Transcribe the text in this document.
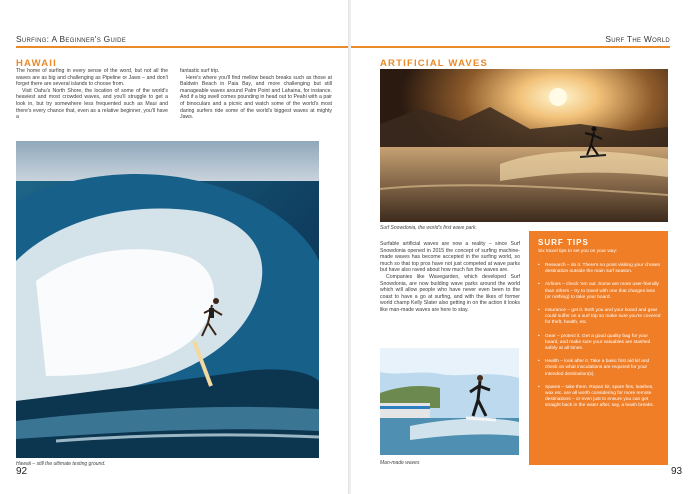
Surfing: A Beginner's Guide
HAWAII

The home of surfing in every sense of the word, but not all the waves are as big and challenging as Pipeline or Jaws – and don't forget there are several islands to choose from.

Visit Oahu's North Shore, the location of some of the world's heaviest and most crowded waves, and you'll struggle to get a look in, but try somewhere less frequented such as Maui and there's every chance that, even as a relative beginner, you'll have a

fantastic surf trip.

Here's where you'll find mellow beach breaks such as those at Baldwin Beach in Paia Bay, and more challenging but still manageable waves around Palm Point and Lahaina, for instance. And if a big swell comes pounding in head out to Peahi with a pair of binoculars and a picnic and watch some of the world's most daring surfers ride some of the world's biggest waves at mighty Jaws.

Hawaii – still the ultimate testing ground.
92
Surf The World
ARTIFICIAL WAVES
Surf Snowdonia, the world's first wave park.

Surfable artificial waves are now a reality – since Surf Snowdonia opened in 2015 the concept of surfing machine-made waves has become accepted in the surfing world, so much so that top pros have not just competed at wave parks but have also raved about how much fun the waves are.

Companies like Wavegarden, which developed Surf Snowdonia, are now building wave parks around the world which will allow people who have never even been to the coast to have a go at surfing, and with the likes of former world champ Kelly Slater also getting in on the action it looks like man-made waves are here to stay.

Man-made waves
SURF TIPS
Six travel tips to set you on your way:
• Research – do it. There's no point visiting your chosen destination outside the main surf season.
• Airlines – check 'em out. Some are more user-friendly than others – try to travel with one that charges less (or nothing) to take your board.
• Insurance – get it. Both you and your board and gear could suffer on a surf trip so make sure you're covered for theft, health, etc.
• Gear – protect it. Get a good quality bag for your board, and make sure your valuables are stashed safely at all times.
• Health – look after it. Take a basic first aid kit and check on what inoculations are required for your intended destination(s).
• Spares – take them. Repair kit, spare fins, leashes, wax etc. are all worth considering for more remote destinations – or even just to ensure you can get straight back in the water after, say, a leash breaks.
93
